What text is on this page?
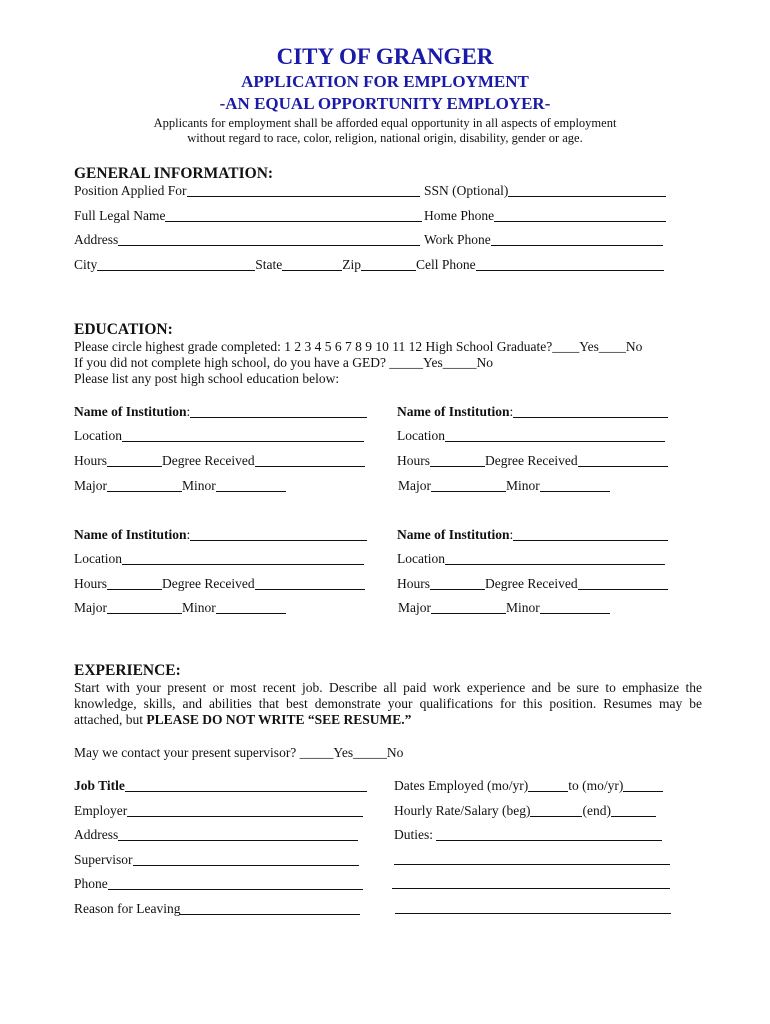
CITY OF GRANGER
APPLICATION FOR EMPLOYMENT
-AN EQUAL OPPORTUNITY EMPLOYER-
Applicants for employment shall be afforded equal opportunity in all aspects of employment
without regard to race, color, religion, national origin, disability, gender or age.
GENERAL INFORMATION:
Position Applied For	SSN (Optional)
Full Legal Name	Home Phone
Address	Work Phone
City	State	Zip	Cell Phone
EDUCATION:
Please circle highest grade completed: 1 2 3 4 5 6 7 8 9 10 11 12 High School Graduate?____Yes____No
If you did not complete high school, do you have a GED? _____Yes_____No
Please list any post high school education below:
Name of Institution :
Location
Hours	Degree Received
Major	Minor
Name of Institution :
Location
Hours	Degree Received
Major	Minor
Name of Institution :
Location
Hours	Degree Received
Major	Minor
Name of Institution :
Location
Hours	Degree Received
Major	Minor
EXPERIENCE:
Start with your present or most recent job. Describe all paid work experience and be sure to emphasize the knowledge, skills, and abilities that best demonstrate your qualifications for this position. Resumes may be attached, but PLEASE DO NOT WRITE “SEE RESUME.”
May we contact your present supervisor? _____Yes_____No
Job Title	Dates Employed (mo/yr)	to (mo/yr)
Employer	Hourly Rate/Salary (beg)	(end)
Address	Duties:
Supervisor
Phone
Reason for Leaving
